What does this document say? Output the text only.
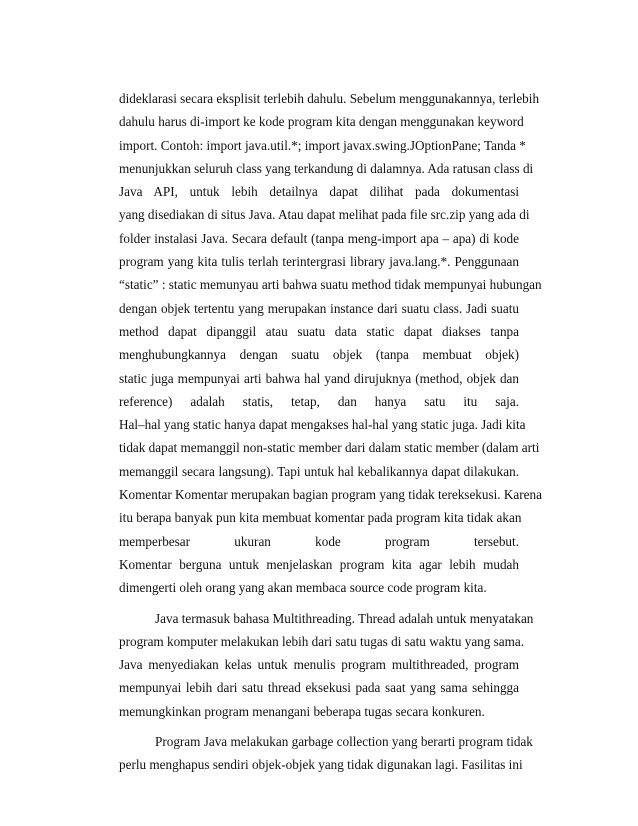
dideklarasi secara eksplisit terlebih dahulu. Sebelum menggunakannya, terlebih
dahulu harus di-import ke kode program kita dengan menggunakan keyword
import. Contoh: import java.util.*; import javax.swing.JOptionPane; Tanda *
menunjukkan seluruh class yang terkandung di dalamnya. Ada ratusan class di
Java API, untuk lebih detailnya dapat dilihat pada dokumentasi
yang disediakan di situs Java. Atau dapat melihat pada file src.zip yang ada di
folder instalasi Java. Secara default (tanpa meng-import apa – apa) di kode
program yang kita tulis terlah terintergrasi library java.lang.*. Penggunaan
“static” : static memunyau arti bahwa suatu method tidak mempunyai hubungan
dengan objek tertentu yang merupakan instance dari suatu class. Jadi suatu
method dapat dipanggil atau suatu data static dapat diakses tanpa
menghubungkannya dengan suatu objek (tanpa membuat objek)
static juga mempunyai arti bahwa hal yand dirujuknya (method, objek dan
reference) adalah statis, tetap, dan hanya satu itu saja.
Hal–hal yang static hanya dapat mengakses hal-hal yang static juga. Jadi kita
tidak dapat memanggil non-static member dari dalam static member (dalam arti
memanggil secara langsung). Tapi untuk hal kebalikannya dapat dilakukan.
Komentar Komentar merupakan bagian program yang tidak tereksekusi. Karena
itu berapa banyak pun kita membuat komentar pada program kita tidak akan
memperbesar ukuran kode program tersebut.
Komentar berguna untuk menjelaskan program kita agar lebih mudah
dimengerti oleh orang yang akan membaca source code program kita.
Java termasuk bahasa Multithreading. Thread adalah untuk menyatakan
program komputer melakukan lebih dari satu tugas di satu waktu yang sama.
Java menyediakan kelas untuk menulis program multithreaded, program
mempunyai lebih dari satu thread eksekusi pada saat yang sama sehingga
memungkinkan program menangani beberapa tugas secara konkuren.
Program Java melakukan garbage collection yang berarti program tidak
perlu menghapus sendiri objek-objek yang tidak digunakan lagi. Fasilitas ini
